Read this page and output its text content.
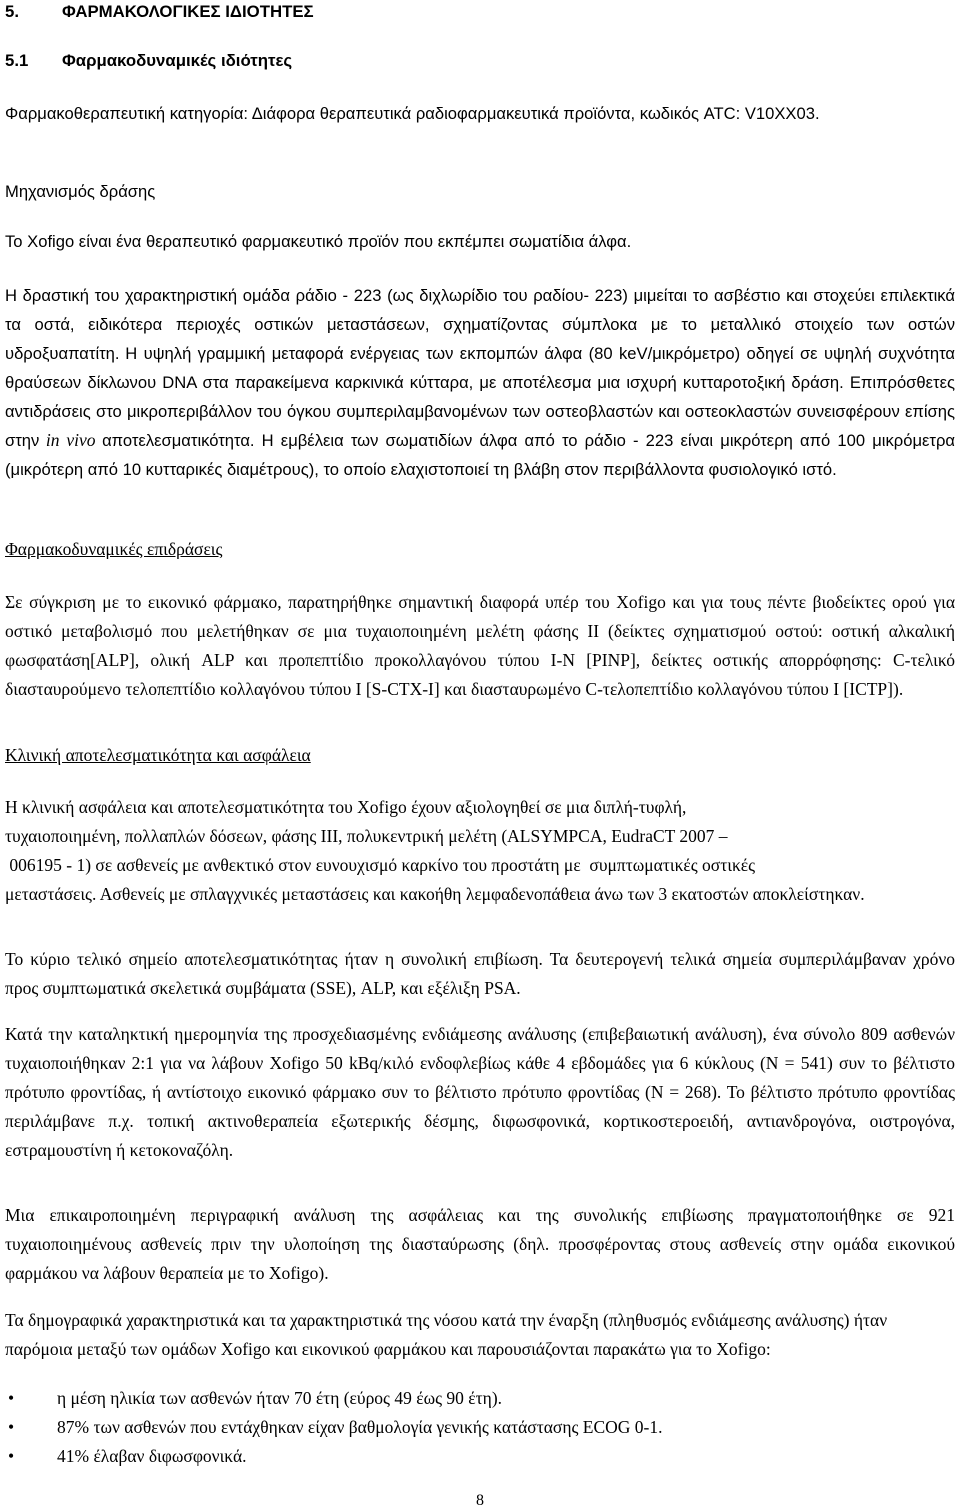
5.	ΦΑΡΜΑΚΟΛΟΓΙΚΕΣ ΙΔΙΟΤΗΤΕΣ
5.1 Φαρμακοδυναμικές ιδιότητες

Φαρμακοθεραπευτική κατηγορία: Διάφορα θεραπευτικά ραδιοφαρμακευτικά προϊόντα, κωδικός ATC: V10XX03.

Μηχανισμός δράσης

Το Xofigo είναι ένα θεραπευτικό φαρμακευτικό προϊόν που εκπέμπει σωματίδια άλφα.

Η δραστική του χαρακτηριστική ομάδα ράδιο - 223 (ως διχλωρίδιο του ραδίου- 223) μιμείται το ασβέστιο και στοχεύει επιλεκτικά τα οστά, ειδικότερα περιοχές οστικών μεταστάσεων, σχηματίζοντας σύμπλοκα με το μεταλλικό στοιχείο των οστών υδροξυαπατίτη. Η υψηλή γραμμική μεταφορά ενέργειας των εκπομπών άλφα (80 keV/μικρόμετρο) οδηγεί σε υψηλή συχνότητα θραύσεων δίκλωνου DNA στα παρακείμενα καρκινικά κύτταρα, με αποτέλεσμα μια ισχυρή κυτταροτοξική δράση. Επιπρόσθετες αντιδράσεις στο μικροπεριβάλλον του όγκου συμπεριλαμβανομένων των οστεοβλαστών και οστεοκλαστών συνεισφέρουν επίσης στην in vivo αποτελεσματικότητα. Η εμβέλεια των σωματιδίων άλφα από το ράδιο - 223 είναι μικρότερη από 100 μικρόμετρα (μικρότερη από 10 κυτταρικές διαμέτρους), το οποίο ελαχιστοποιεί τη βλάβη στον περιβάλλοντα φυσιολογικό ιστό.

Φαρμακοδυναμικές επιδράσεις

Σε σύγκριση με το εικονικό φάρμακο, παρατηρήθηκε σημαντική διαφορά υπέρ του Xofigo και για τους πέντε βιοδείκτες ορού για οστικό μεταβολισμό που μελετήθηκαν σε μια τυχαιοποιημένη μελέτη φάσης ΙΙ (δείκτες σχηματισμού οστού: οστική αλκαλική φωσφατάση[ALP], ολική ALP και προπεπτίδιο προκολλαγόνου τύπου Ι-Ν [PINP], δείκτες οστικής απορρόφησης: C-τελικό διασταυρούμενο τελοπεπτίδιο κολλαγόνου τύπου Ι [S-CTX-I] και διασταυρωμένο C-τελοπεπτίδιο κολλαγόνου τύπου Ι [ICTP]).

Κλινική αποτελεσματικότητα και ασφάλεια

Η κλινική ασφάλεια και αποτελεσματικότητα του Xofigo έχουν αξιολογηθεί σε μια διπλή-τυφλή,
τυχαιοποιημένη, πολλαπλών δόσεων, φάσης ΙΙΙ, πολυκεντρική μελέτη (ALSYMPCA, EudraCT 2007 –
006195 - 1) σε ασθενείς με ανθεκτικό στον ευνουχισμό καρκίνο του προστάτη με  συμπτωματικές οστικές
μεταστάσεις. Ασθενείς με σπλαγχνικές μεταστάσεις και κακοήθη λεμφαδενοπάθεια άνω των 3 εκατοστών αποκλείστηκαν.

Το κύριο τελικό σημείο αποτελεσματικότητας ήταν η συνολική επιβίωση. Τα δευτερογενή τελικά σημεία συμπεριλάμβαναν χρόνο προς συμπτωματικά σκελετικά συμβάματα (SSE), ALP, και εξέλιξη PSA.

Κατά την καταληκτική ημερομηνία της προσχεδιασμένης ενδιάμεσης ανάλυσης (επιβεβαιωτική ανάλυση), ένα σύνολο 809 ασθενών τυχαιοποιήθηκαν 2:1 για να λάβουν Xofigo 50 kBq/κιλό ενδοφλεβίως κάθε 4 εβδομάδες για 6 κύκλους (N = 541) συν το βέλτιστο πρότυπο φροντίδας, ή αντίστοιχο εικονικό φάρμακο συν το βέλτιστο πρότυπο φροντίδας (N = 268). Το βέλτιστο πρότυπο φροντίδας περιλάμβανε π.χ. τοπική ακτινοθεραπεία εξωτερικής δέσμης, διφωσφονικά, κορτικοστεροειδή, αντιανδρογόνα, οιστρογόνα, εστραμουστίνη ή κετοκοναζόλη.

Μια επικαιροποιημένη περιγραφική ανάλυση της ασφάλειας και της συνολικής επιβίωσης πραγματοποιήθηκε σε 921 τυχαιοποιημένους ασθενείς πριν την υλοποίηση της διασταύρωσης (δηλ. προσφέροντας στους ασθενείς στην ομάδα εικονικού φαρμάκου να λάβουν θεραπεία με το Xofigo).

Τα δημογραφικά χαρακτηριστικά και τα χαρακτηριστικά της νόσου κατά την έναρξη (πληθυσμός ενδιάμεσης ανάλυσης) ήταν παρόμοια μεταξύ των ομάδων Xofigo και εικονικού φαρμάκου και παρουσιάζονται παρακάτω για το Xofigo:

• η μέση ηλικία των ασθενών ήταν 70 έτη (εύρος 49 έως 90 έτη).
• 87% των ασθενών που εντάχθηκαν είχαν βαθμολογία γενικής κατάστασης ECOG 0-1.
• 41% έλαβαν διφωσφονικά.
8
